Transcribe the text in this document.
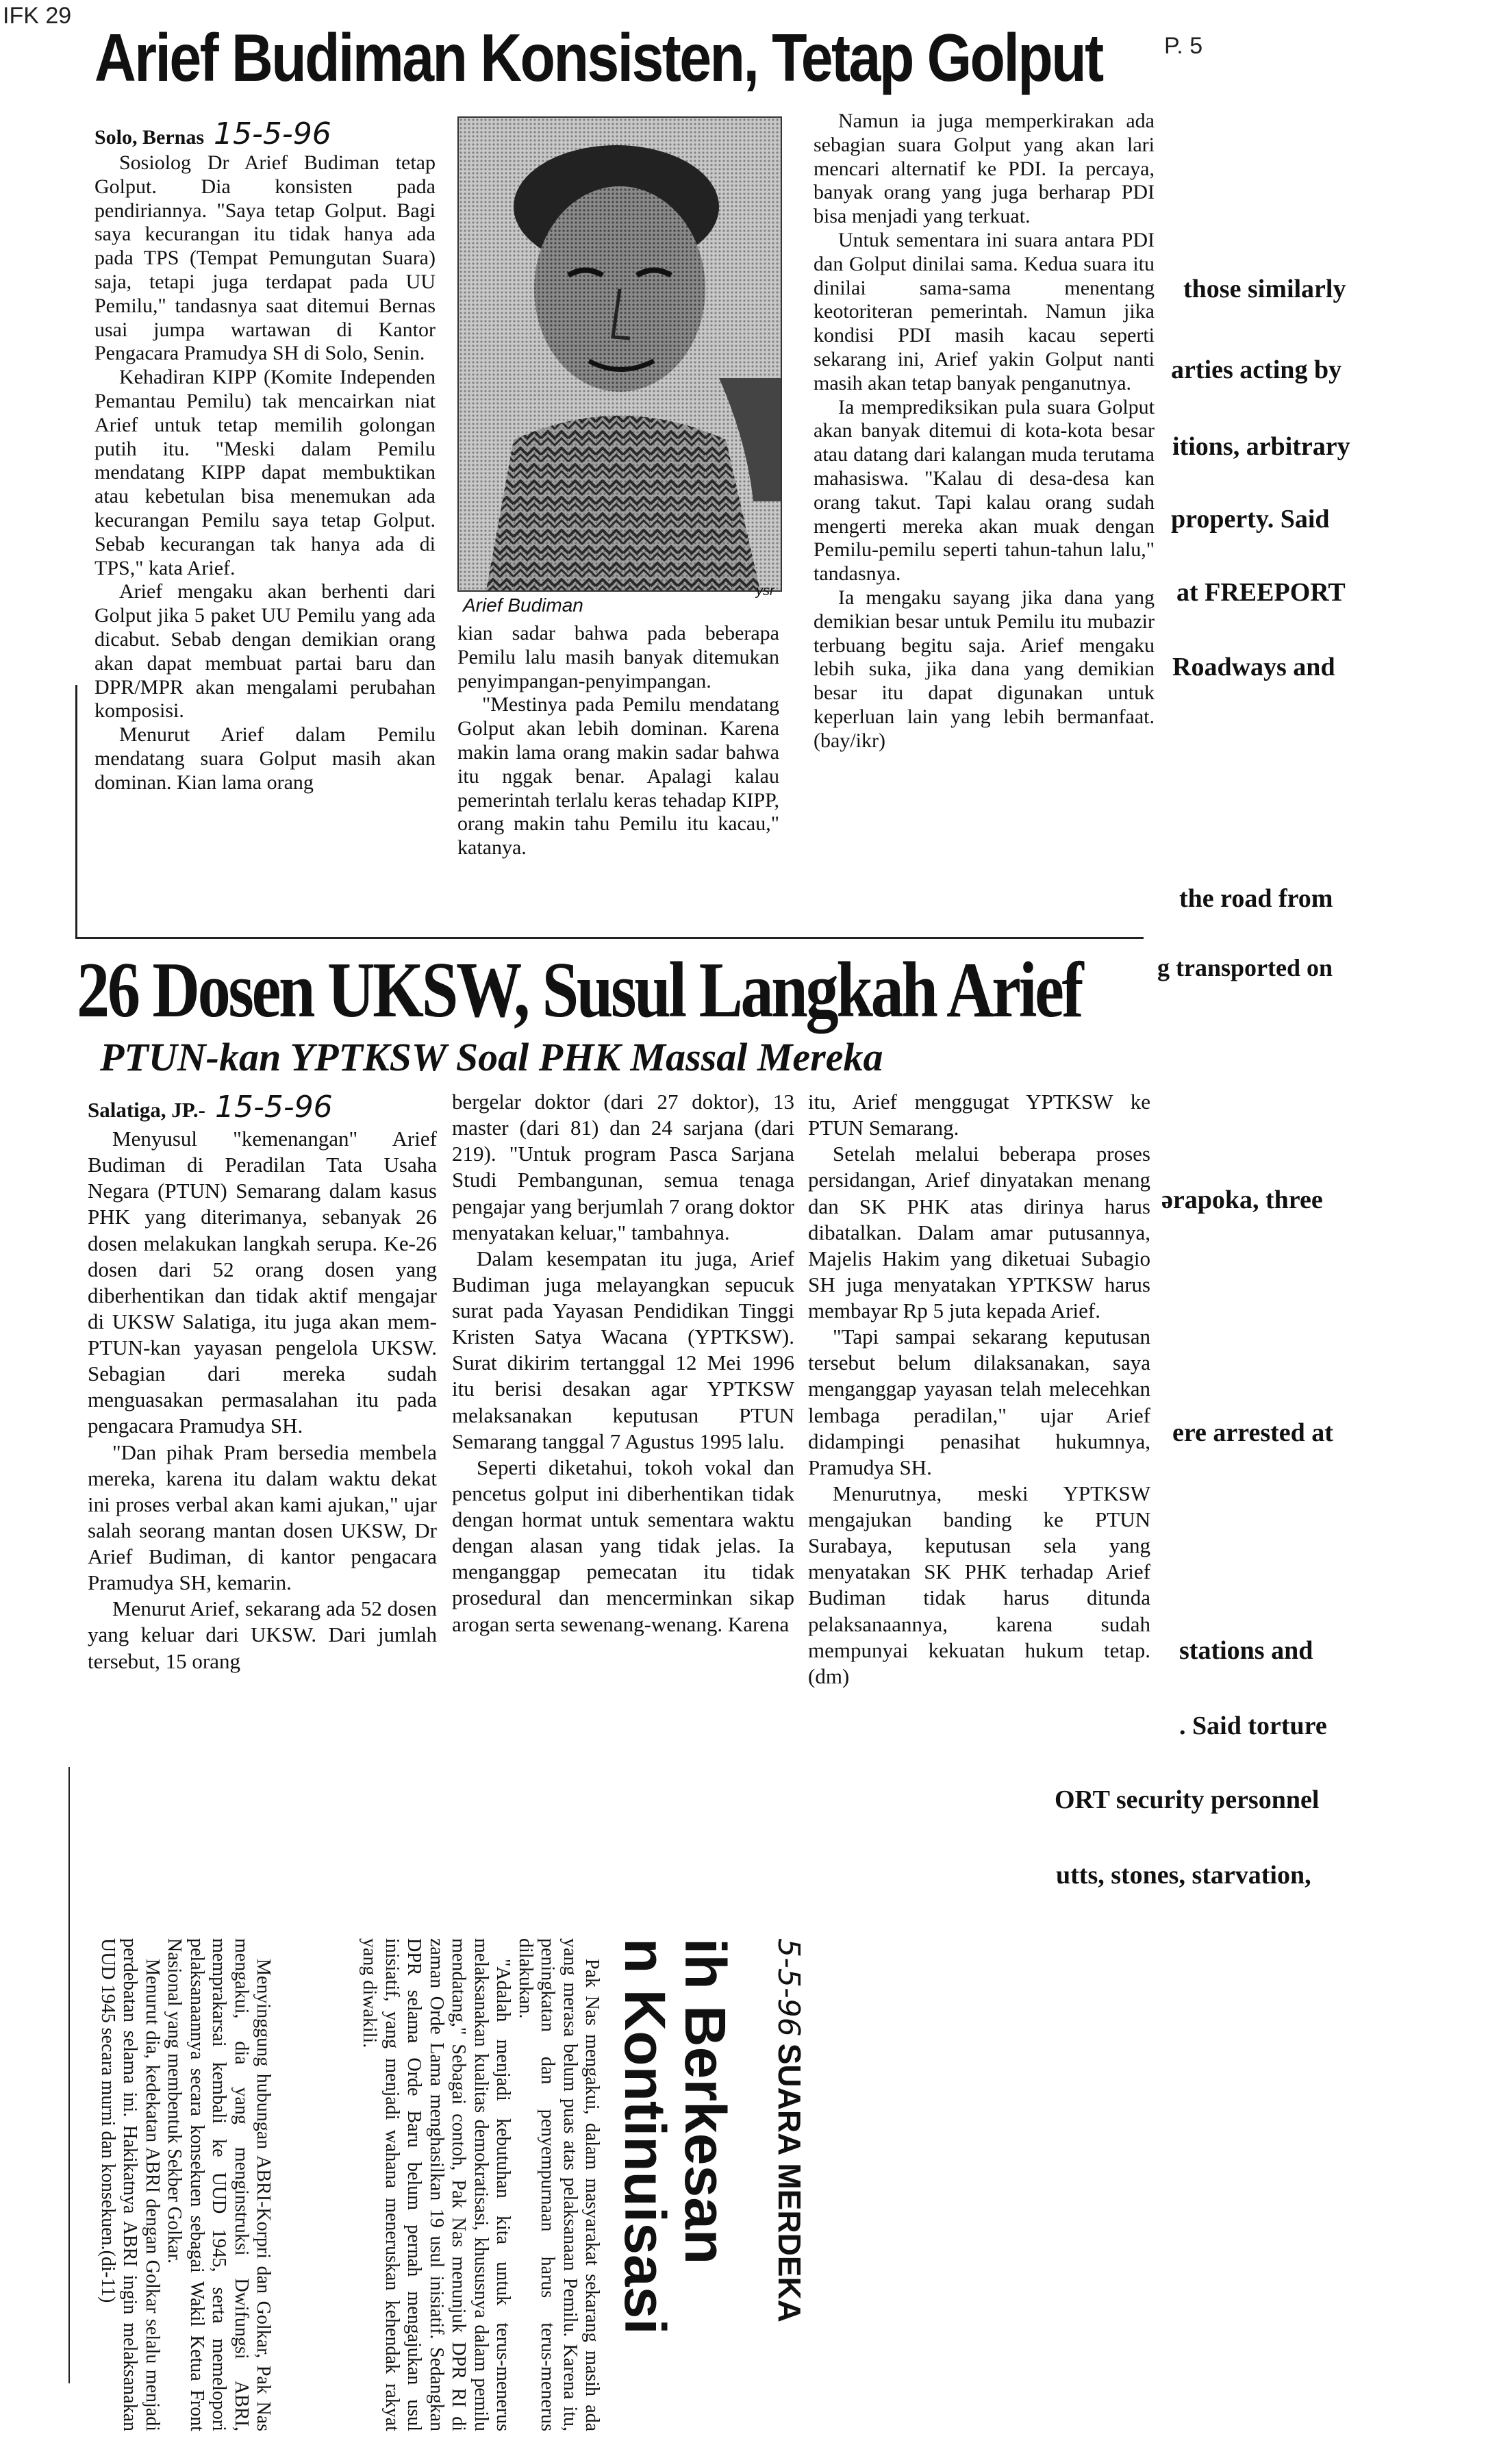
IFK 29
P. 5
Arief Budiman Konsisten, Tetap Golput

Solo, Bernas 15-5-96

Sosiolog Dr Arief Budiman tetap Golput. Dia konsisten pada pendiriannya. "Saya tetap Golput. Bagi saya kecurangan itu tidak hanya ada pada TPS (Tempat Pemungutan Suara) saja, tetapi juga terdapat pada UU Pemilu," tandasnya saat ditemui Bernas usai jumpa wartawan di Kantor Pengacara Pramudya SH di Solo, Senin.

Kehadiran KIPP (Komite Independen Pemantau Pemilu) tak mencairkan niat Arief untuk tetap memilih golongan putih itu. "Meski dalam Pemilu mendatang KIPP dapat membuktikan atau kebetulan bisa menemukan ada kecurangan Pemilu saya tetap Golput. Sebab kecurangan tak hanya ada di TPS," kata Arief.

Arief mengaku akan berhenti dari Golput jika 5 paket UU Pemilu yang ada dicabut. Sebab dengan demikian orang akan dapat membuat partai baru dan DPR/MPR akan mengalami perubahan komposisi.

Menurut Arief dalam Pemilu mendatang suara Golput masih akan dominan. Kian lama orang

Arief Budiman
ysr

kian sadar bahwa pada beberapa Pemilu lalu masih banyak ditemukan penyimpangan-penyimpangan.

"Mestinya pada Pemilu mendatang Golput akan lebih dominan. Karena makin lama orang makin sadar bahwa itu nggak benar. Apalagi kalau pemerintah terlalu keras tehadap KIPP, orang makin tahu Pemilu itu kacau," katanya.

Namun ia juga memperkirakan ada sebagian suara Golput yang akan lari mencari alternatif ke PDI. Ia percaya, banyak orang yang juga berharap PDI bisa menjadi yang terkuat.

Untuk sementara ini suara antara PDI dan Golput dinilai sama. Kedua suara itu dinilai sama-sama menentang keotoriteran pemerintah. Namun jika kondisi PDI masih kacau seperti sekarang ini, Arief yakin Golput nanti masih akan tetap banyak penganutnya.

Ia memprediksikan pula suara Golput akan banyak ditemui di kota-kota besar atau datang dari kalangan muda terutama mahasiswa. "Kalau di desa-desa kan orang takut. Tapi kalau orang sudah mengerti mereka akan muak dengan Pemilu-pemilu seperti tahun-tahun lalu," tandasnya.

Ia mengaku sayang jika dana yang demikian besar untuk Pemilu itu mubazir terbuang begitu saja. Arief mengaku lebih suka, jika dana yang demikian besar itu dapat digunakan untuk keperluan lain yang lebih bermanfaat. (bay/ikr)

those similarly
arties acting by
itions, arbitrary
property. Said
at FREEPORT
Roadways and
the road from
g transported on
ərapoka, three
ere arrested at
stations and
. Said torture
ORT security personnel
utts, stones, starvation,
26 Dosen UKSW, Susul Langkah Arief
PTUN-kan YPTKSW Soal PHK Massal Mereka

Salatiga, JP.- 15-5-96

Menyusul "kemenangan" Arief Budiman di Peradilan Tata Usaha Negara (PTUN) Semarang dalam kasus PHK yang diterimanya, sebanyak 26 dosen melakukan langkah serupa. Ke-26 dosen dari 52 orang dosen yang diberhentikan dan tidak aktif mengajar di UKSW Salatiga, itu juga akan mem-PTUN-kan yayasan pengelola UKSW. Sebagian dari mereka sudah menguasakan permasalahan itu pada pengacara Pramudya SH.

"Dan pihak Pram bersedia membela mereka, karena itu dalam waktu dekat ini proses verbal akan kami ajukan," ujar salah seorang mantan dosen UKSW, Dr Arief Budiman, di kantor pengacara Pramudya SH, kemarin.

Menurut Arief, sekarang ada 52 dosen yang keluar dari UKSW. Dari jumlah tersebut, 15 orang

bergelar doktor (dari 27 doktor), 13 master (dari 81) dan 24 sarjana (dari 219). "Untuk program Pasca Sarjana Studi Pembangunan, semua tenaga pengajar yang berjumlah 7 orang doktor menyatakan keluar," tambahnya.

Dalam kesempatan itu juga, Arief Budiman juga melayangkan sepucuk surat pada Yayasan Pendidikan Tinggi Kristen Satya Wacana (YPTKSW). Surat dikirim tertanggal 12 Mei 1996 itu berisi desakan agar YPTKSW melaksanakan keputusan PTUN Semarang tanggal 7 Agustus 1995 lalu.

Seperti diketahui, tokoh vokal dan pencetus golput ini diberhentikan tidak dengan hormat untuk sementara waktu dengan alasan yang tidak jelas. Ia menganggap pemecatan itu tidak prosedural dan mencerminkan sikap arogan serta sewenang-wenang. Karena

itu, Arief menggugat YPTKSW ke PTUN Semarang.

Setelah melalui beberapa proses persidangan, Arief dinyatakan menang dan SK PHK atas dirinya harus dibatalkan. Dalam amar putusannya, Majelis Hakim yang diketuai Subagio SH juga menyatakan YPTKSW harus membayar Rp 5 juta kepada Arief.

"Tapi sampai sekarang keputusan tersebut belum dilaksanakan, saya menganggap yayasan telah melecehkan lembaga peradilan," ujar Arief didampingi penasihat hukumnya, Pramudya SH.

Menurutnya, meski YPTKSW mengajukan banding ke PTUN Surabaya, keputusan sela yang menyatakan SK PHK terhadap Arief Budiman tidak harus ditunda pelaksanaannya, karena sudah mempunyai kekuatan hukum tetap. (dm)

5-5-96 SUARA MERDEKA
ih Berkesan
n Kontinuisasi

Pak Nas mengakui, dalam masyarakat sekarang masih ada yang merasa belum puas atas pelaksanaan Pemilu. Karena itu, peningkatan dan penyempurnaan harus terus-menerus dilakukan.

"Adalah menjadi kebutuhan kita untuk terus-menerus melaksanakan kualitas demokratisasi, khususnya dalam pemilu mendatang," Sebagai contoh, Pak Nas menunjuk DPR RI di zaman Orde Lama menghasilkan 19 usul inisiatif. Sedangkan DPR selama Orde Baru belum pernah mengajukan usul inisiatif, yang menjadi wahana meneruskan kehendak rakyat yang diwakili.

Menyinggung hubungan ABRI-Korpri dan Golkar, Pak Nas mengakui, dia yang menginstruksi Dwifungsi ABRI, memprakarsai kembali ke UUD 1945, serta memelopori pelaksanaannya secara konsekuen sebagai Wakil Ketua Front Nasional yang membentuk Sekber Golkar.

Menurut dia, kedekatan ABRI dengan Golkar selalu menjadi perdebatan selama ini. Hakikatnya ABRI ingin melaksanakan UUD 1945 secara murni dan konsekuen.(di-11)
